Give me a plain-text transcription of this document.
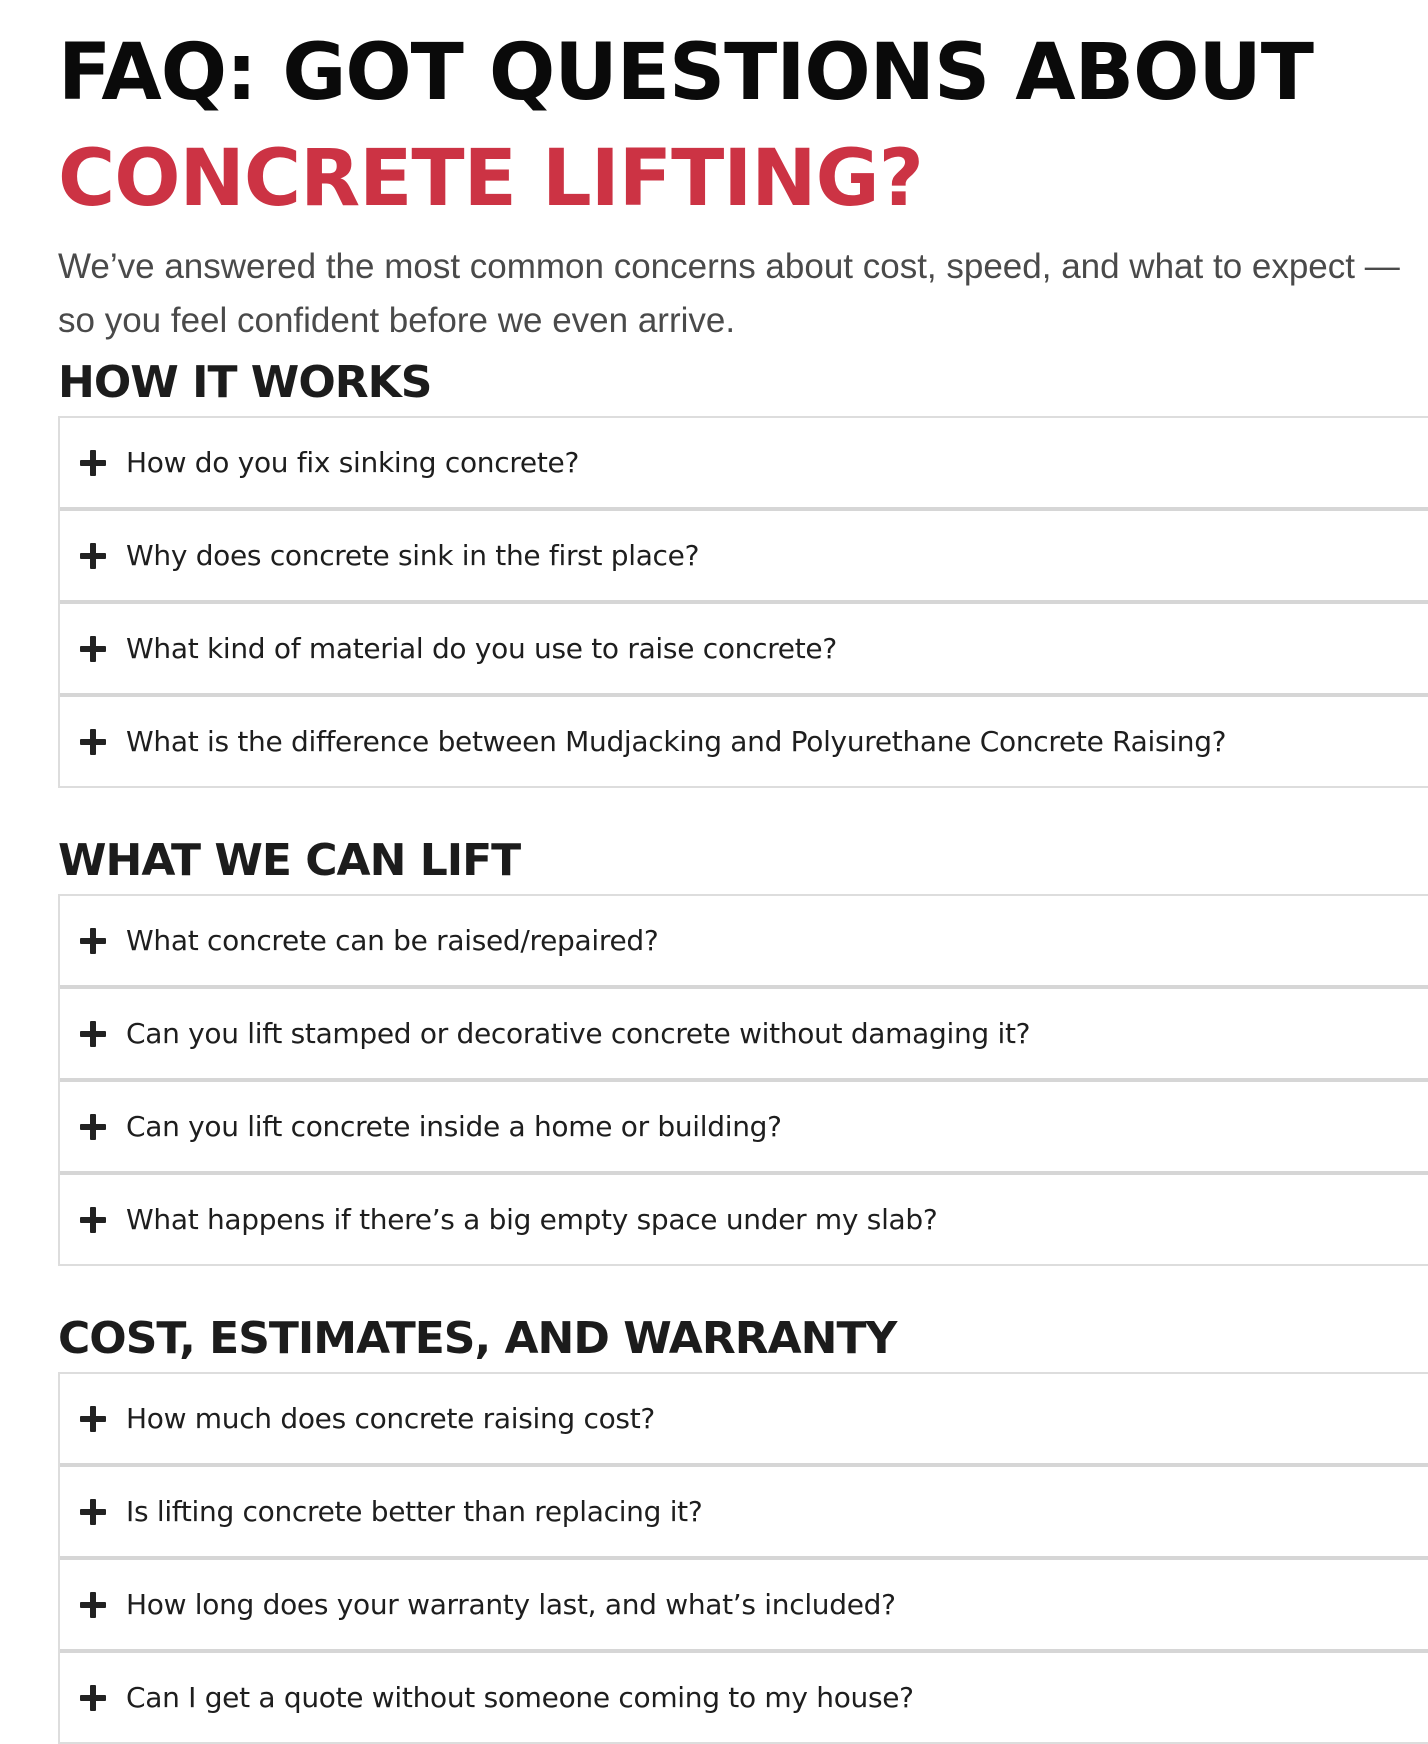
FAQ: GOT QUESTIONS ABOUT
CONCRETE LIFTING?

We’ve answered the most common concerns about cost, speed, and what to expect — so you feel confident before we even arrive.

HOW IT WORKS
How do you fix sinking concrete?
Why does concrete sink in the first place?
What kind of material do you use to raise concrete?
What is the difference between Mudjacking and Polyurethane Concrete Raising?
WHAT WE CAN LIFT
What concrete can be raised/repaired?
Can you lift stamped or decorative concrete without damaging it?
Can you lift concrete inside a home or building?
What happens if there’s a big empty space under my slab?
COST, ESTIMATES, AND WARRANTY
How much does concrete raising cost?
Is lifting concrete better than replacing it?
How long does your warranty last, and what’s included?
Can I get a quote without someone coming to my house?
